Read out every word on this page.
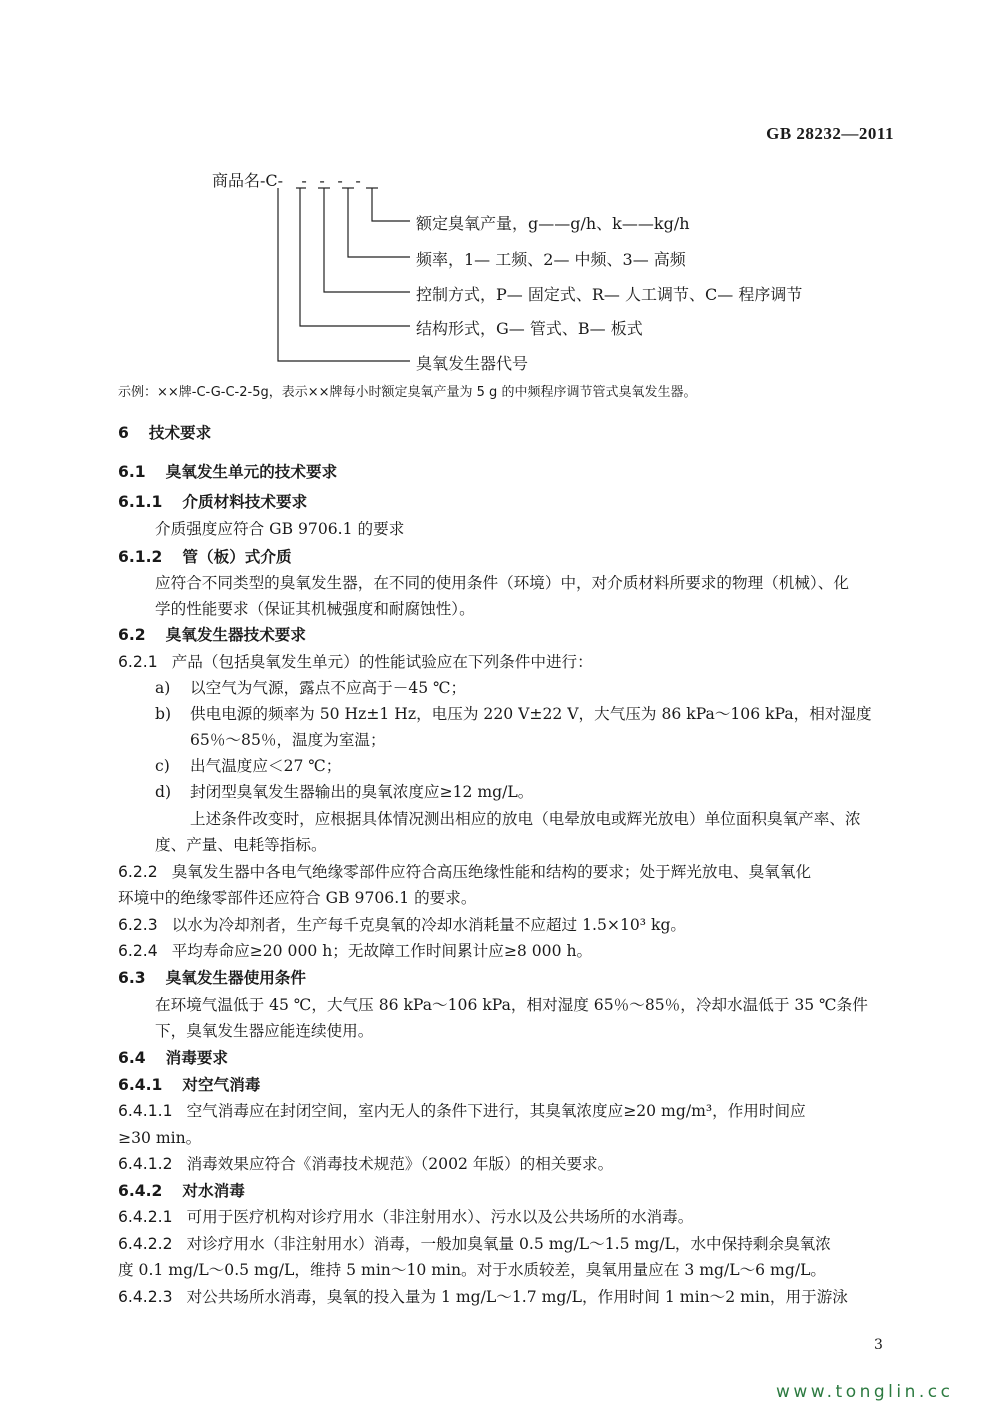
GB 28232—2011
商品名-C- - - - -
额定臭氧产量，g——g/h、k——kg/h
频率，1— 工频、2— 中频、3— 高频
控制方式，P— 固定式、R— 人工调节、C— 程序调节
结构形式，G— 管式、B— 板式
臭氧发生器代号
示例：××牌-C-G-C-2-5g，表示××牌每小时额定臭氧产量为 5 g 的中频程序调节管式臭氧发生器。
6 技术要求
6.1 臭氧发生单元的技术要求
6.1.1 介质材料技术要求
介质强度应符合 GB 9706.1 的要求
6.1.2 管（板）式介质
应符合不同类型的臭氧发生器，在不同的使用条件（环境）中，对介质材料所要求的物理（机械）、化
学的性能要求（保证其机械强度和耐腐蚀性）。
6.2 臭氧发生器技术要求
6.2.1 产品（包括臭氧发生单元）的性能试验应在下列条件中进行：
a) 以空气为气源，露点不应高于－45 ℃；
b) 供电电源的频率为 50 Hz±1 Hz，电压为 220 V±22 V，大气压为 86 kPa～106 kPa，相对湿度
65％～85％，温度为室温；
c) 出气温度应＜27 ℃；
d) 封闭型臭氧发生器输出的臭氧浓度应≥12 mg/L。
上述条件改变时，应根据具体情况测出相应的放电（电晕放电或辉光放电）单位面积臭氧产率、浓
度、产量、电耗等指标。
6.2.2 臭氧发生器中各电气绝缘零部件应符合高压绝缘性能和结构的要求；处于辉光放电、臭氧氧化
环境中的绝缘零部件还应符合 GB 9706.1 的要求。
6.2.3 以水为冷却剂者，生产每千克臭氧的冷却水消耗量不应超过 1.5×10³ kg。
6.2.4 平均寿命应≥20 000 h；无故障工作时间累计应≥8 000 h。
6.3 臭氧发生器使用条件
在环境气温低于 45 ℃，大气压 86 kPa～106 kPa，相对湿度 65％～85％，冷却水温低于 35 ℃条件
下，臭氧发生器应能连续使用。
6.4 消毒要求
6.4.1 对空气消毒
6.4.1.1 空气消毒应在封闭空间，室内无人的条件下进行，其臭氧浓度应≥20 mg/m³，作用时间应
≥30 min。
6.4.1.2 消毒效果应符合《消毒技术规范》（2002 年版）的相关要求。
6.4.2 对水消毒
6.4.2.1 可用于医疗机构对诊疗用水（非注射用水）、污水以及公共场所的水消毒。
6.4.2.2 对诊疗用水（非注射用水）消毒，一般加臭氧量 0.5 mg/L～1.5 mg/L，水中保持剩余臭氧浓
度 0.1 mg/L～0.5 mg/L，维持 5 min～10 min。对于水质较差，臭氧用量应在 3 mg/L～6 mg/L。
6.4.2.3 对公共场所水消毒，臭氧的投入量为 1 mg/L～1.7 mg/L，作用时间 1 min～2 min，用于游泳
3
www.tonglin.cc
